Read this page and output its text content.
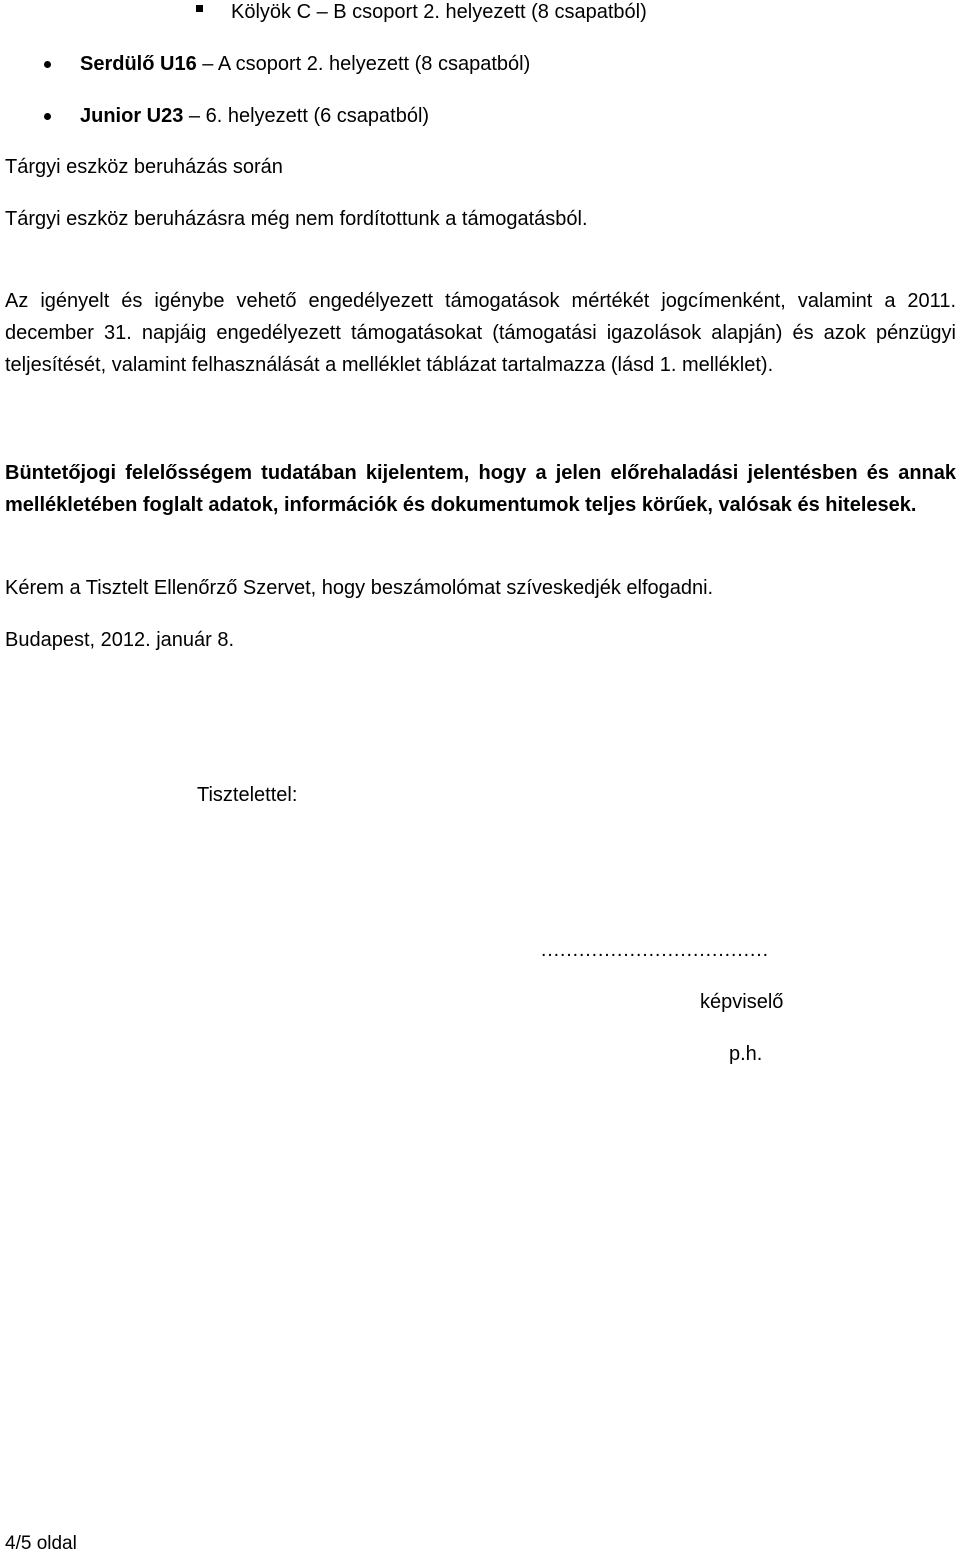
Kölyök C – B csoport 2. helyezett (8 csapatból)
Serdülő U16 – A csoport 2. helyezett (8 csapatból)
Junior U23 – 6. helyezett (6 csapatból)
Tárgyi eszköz beruházás során
Tárgyi eszköz beruházásra még nem fordítottunk a támogatásból.
Az igényelt és igénybe vehető engedélyezett támogatások mértékét jogcímenként, valamint a 2011. december 31. napjáig engedélyezett támogatásokat (támogatási igazolások alapján) és azok pénzügyi teljesítését, valamint felhasználását a melléklet táblázat tartalmazza (lásd 1. melléklet).
Büntetőjogi felelősségem tudatában kijelentem, hogy a jelen előrehaladási jelentésben és annak mellékletében foglalt adatok, információk és dokumentumok teljes körűek, valósak és hitelesek.
Kérem a Tisztelt Ellenőrző Szervet, hogy beszámolómat szíveskedjék elfogadni.
Budapest, 2012. január 8.
Tisztelettel:
………………………………
képviselő
p.h.
4/5 oldal
